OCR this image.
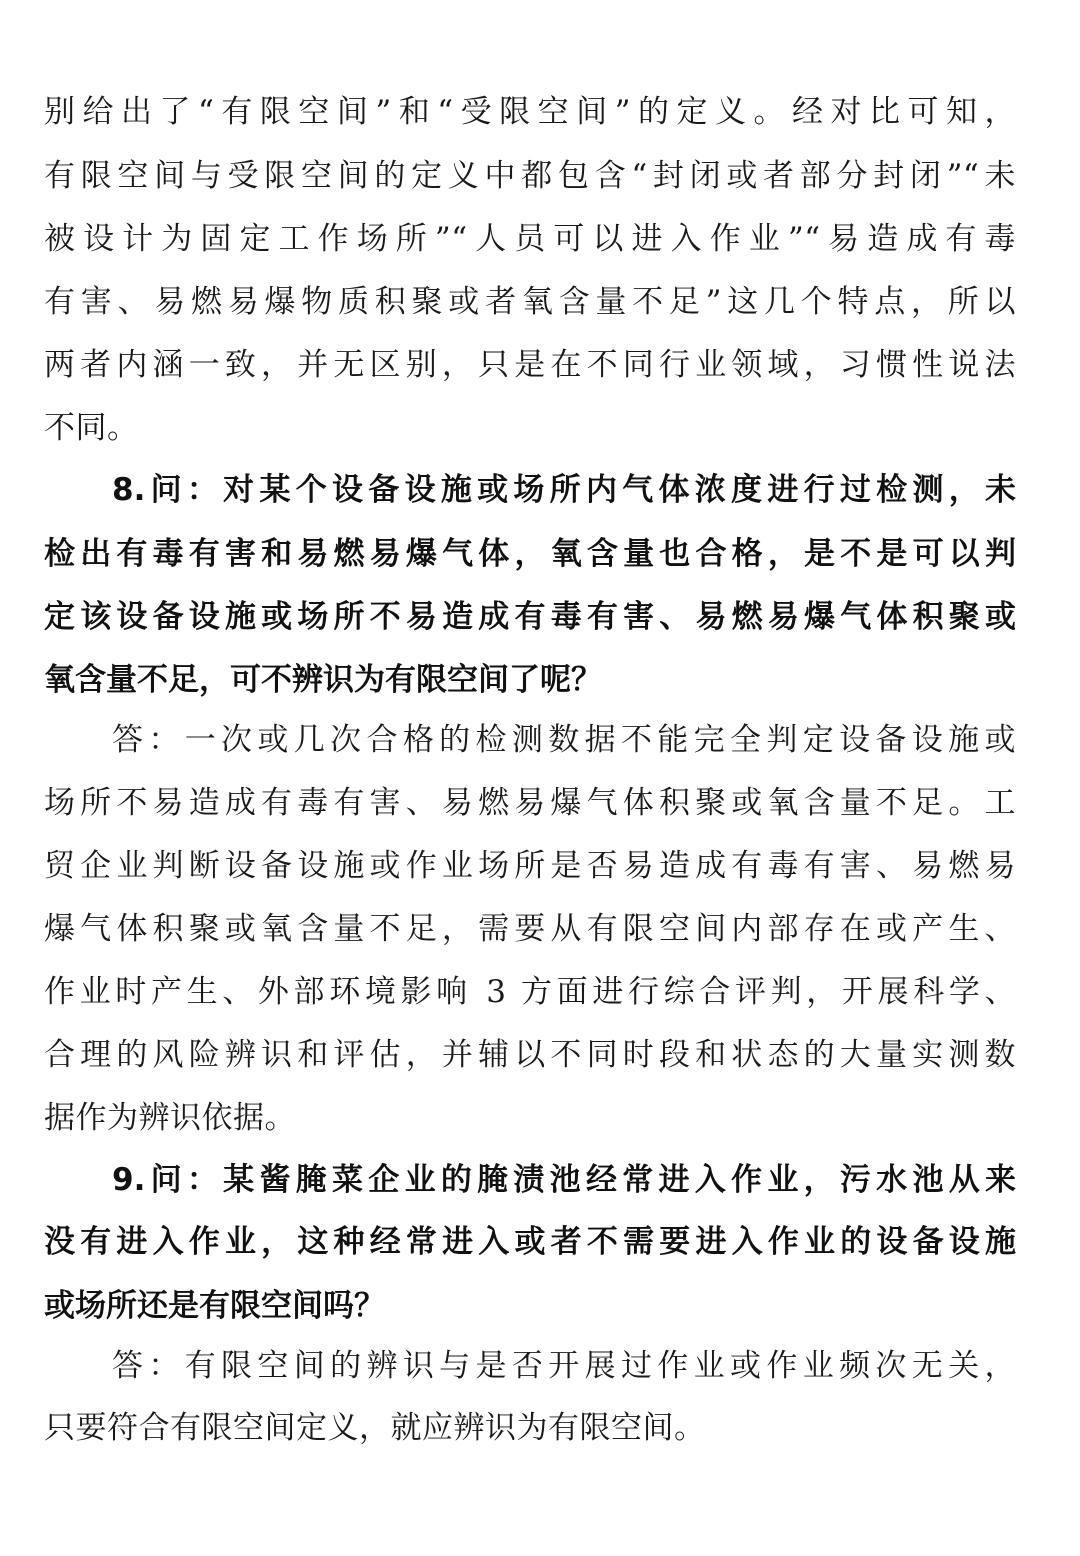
别给出了“有限空间”和“受限空间”的定义。经对比可知，
有限空间与受限空间的定义中都包含“封闭或者部分封闭”“未
被设计为固定工作场所”“人员可以进入作业”“易造成有毒
有害、易燃易爆物质积聚或者氧含量不足”这几个特点，所以
两者内涵一致，并无区别，只是在不同行业领域，习惯性说法
不同。
8.问：对某个设备设施或场所内气体浓度进行过检测，未
检出有毒有害和易燃易爆气体，氧含量也合格，是不是可以判
定该设备设施或场所不易造成有毒有害、易燃易爆气体积聚或
氧含量不足，可不辨识为有限空间了呢？
答：一次或几次合格的检测数据不能完全判定设备设施或
场所不易造成有毒有害、易燃易爆气体积聚或氧含量不足。工
贸企业判断设备设施或作业场所是否易造成有毒有害、易燃易
爆气体积聚或氧含量不足，需要从有限空间内部存在或产生、
作业时产生、外部环境影响 3 方面进行综合评判，开展科学、
合理的风险辨识和评估，并辅以不同时段和状态的大量实测数
据作为辨识依据。
9.问：某酱腌菜企业的腌渍池经常进入作业，污水池从来
没有进入作业，这种经常进入或者不需要进入作业的设备设施
或场所还是有限空间吗？
答：有限空间的辨识与是否开展过作业或作业频次无关，
只要符合有限空间定义，就应辨识为有限空间。
